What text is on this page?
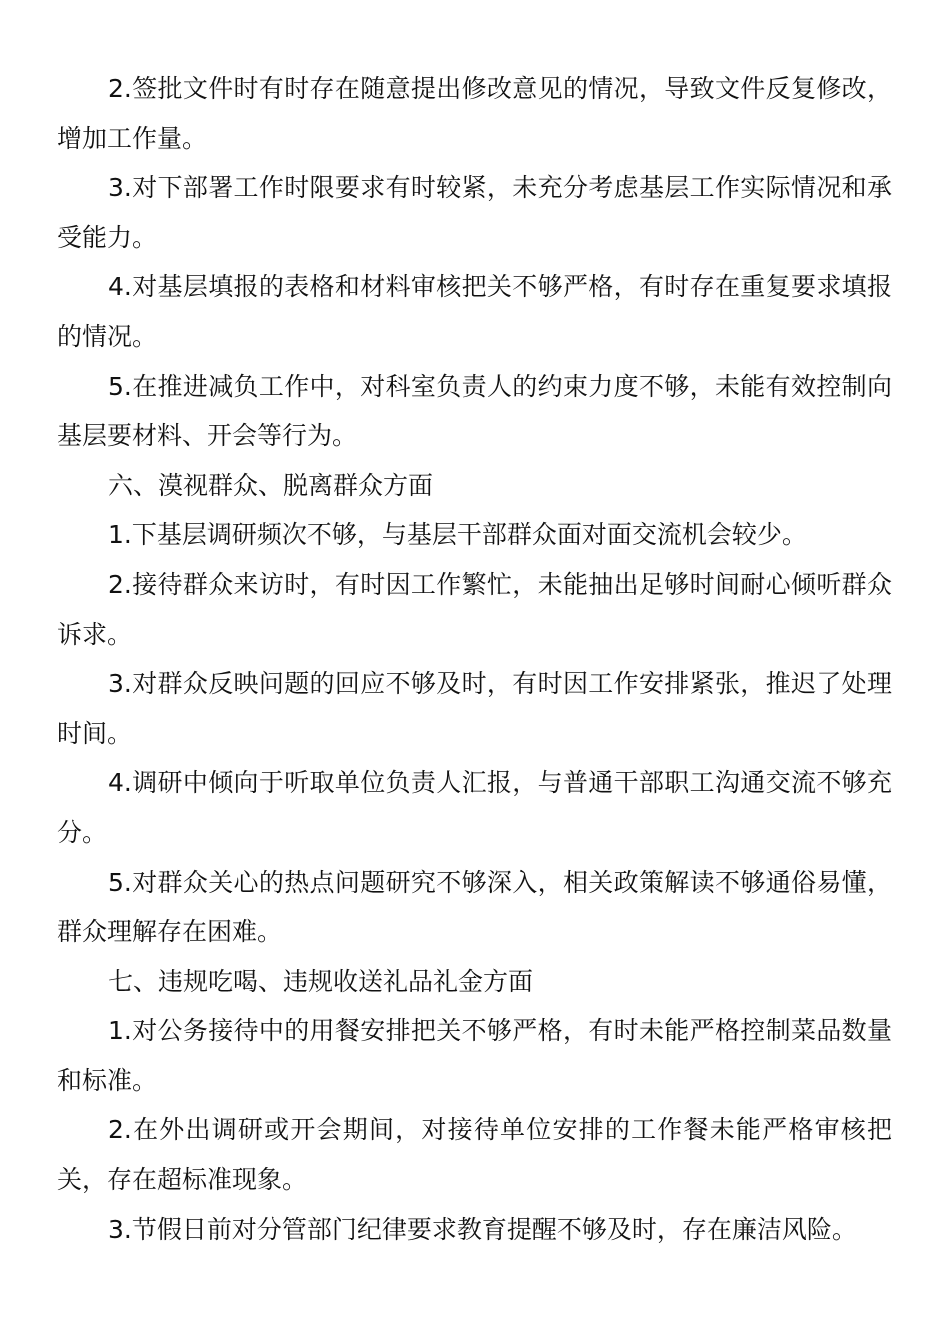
2.签批文件时有时存在随意提出修改意见的情况，导致文件反复修改，增加工作量。

3.对下部署工作时限要求有时较紧，未充分考虑基层工作实际情况和承受能力。

4.对基层填报的表格和材料审核把关不够严格，有时存在重复要求填报的情况。

5.在推进减负工作中，对科室负责人的约束力度不够，未能有效控制向基层要材料、开会等行为。

六、漠视群众、脱离群众方面

1.下基层调研频次不够，与基层干部群众面对面交流机会较少。

2.接待群众来访时，有时因工作繁忙，未能抽出足够时间耐心倾听群众诉求。

3.对群众反映问题的回应不够及时，有时因工作安排紧张，推迟了处理时间。

4.调研中倾向于听取单位负责人汇报，与普通干部职工沟通交流不够充分。

5.对群众关心的热点问题研究不够深入，相关政策解读不够通俗易懂，群众理解存在困难。

七、违规吃喝、违规收送礼品礼金方面

1.对公务接待中的用餐安排把关不够严格，有时未能严格控制菜品数量和标准。

2.在外出调研或开会期间，对接待单位安排的工作餐未能严格审核把关，存在超标准现象。

3.节假日前对分管部门纪律要求教育提醒不够及时，存在廉洁风险。
